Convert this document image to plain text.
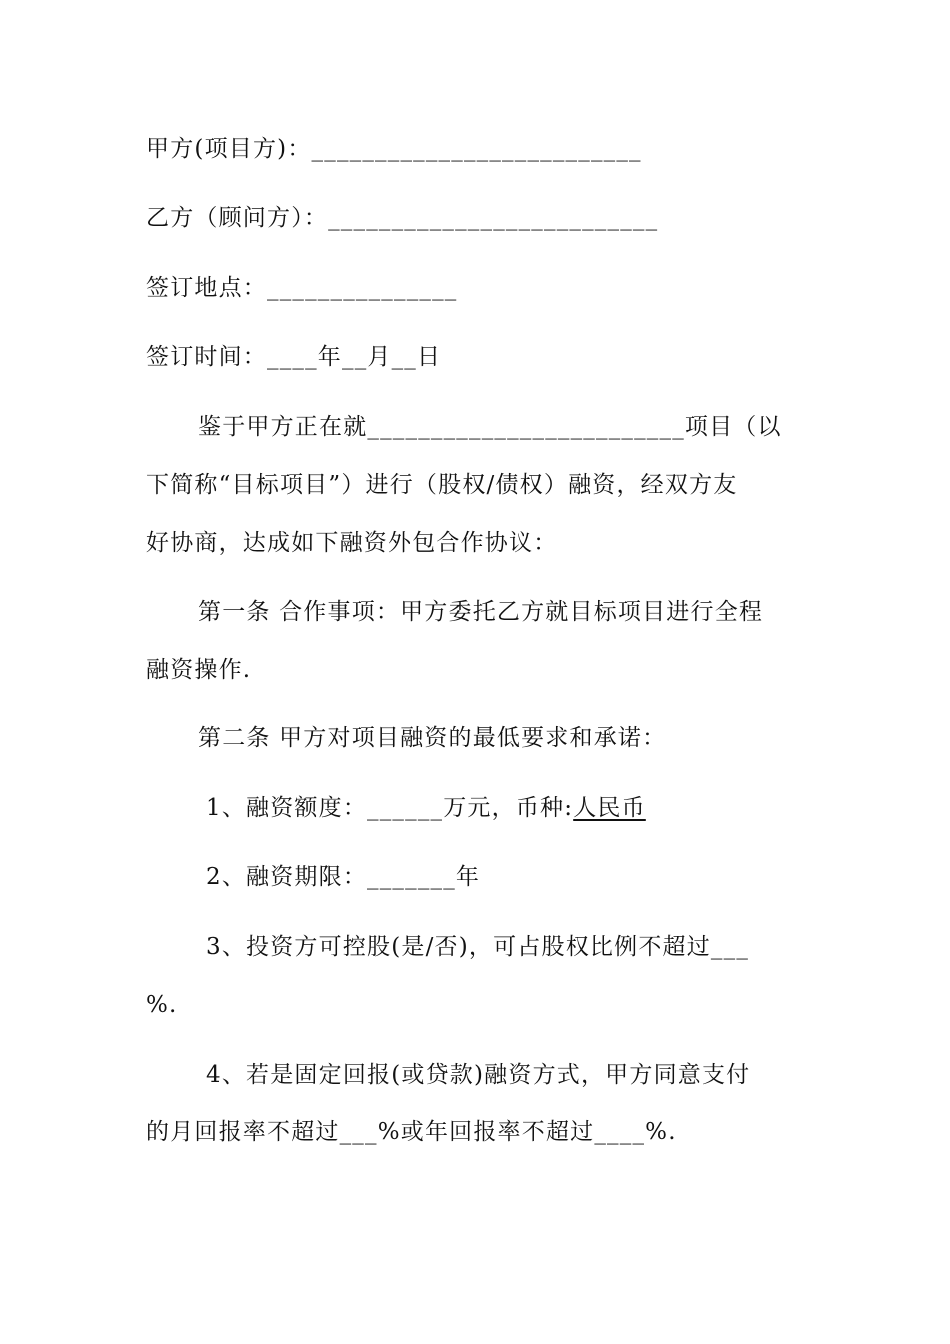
甲方(项目方)：__________________________
乙方（顾问方）：__________________________
签订地点：_______________
签订时间：____年__月__日
鉴于甲方正在就_________________________项目（以
下简称“目标项目”）进行（股权/债权）融资，经双方友
好协商，达成如下融资外包合作协议：
第一条 合作事项：甲方委托乙方就目标项目进行全程
融资操作.
第二条 甲方对项目融资的最低要求和承诺：
1、融资额度：______万元，币种:人民币
2、融资期限：_______年
3、投资方可控股(是/否)，可占股权比例不超过___
%.
4、若是固定回报(或贷款)融资方式，甲方同意支付
的月回报率不超过___%或年回报率不超过____%.
